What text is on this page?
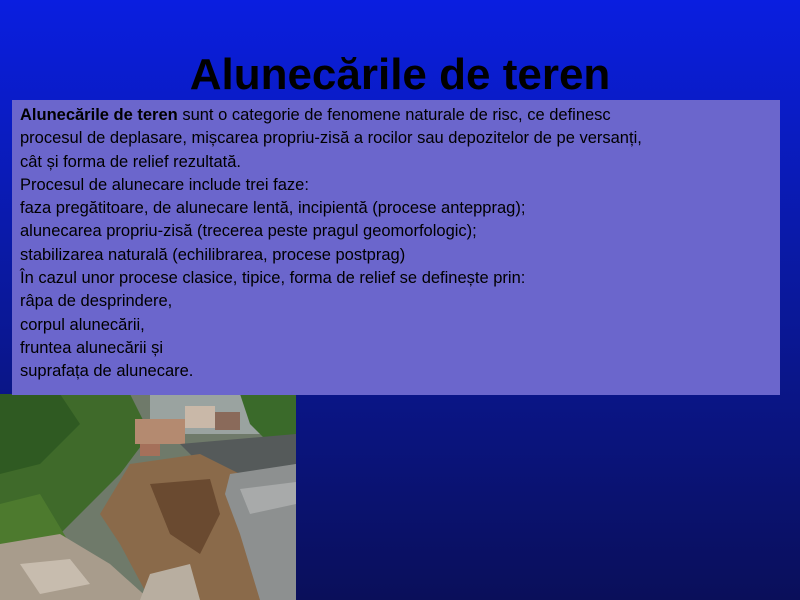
Alunecările de teren

Alunecările de teren sunt o categorie de fenomene naturale de risc, ce definesc

procesul de deplasare, mișcarea propriu-zisă a rocilor sau depozitelor de pe versanți,

cât și forma de relief rezultată.

Procesul de alunecare include trei faze:

faza pregătitoare, de alunecare lentă, incipientă (procese antepprag);

alunecarea propriu-zisă (trecerea peste pragul geomorfologic);

stabilizarea naturală (echilibrarea, procese postprag)

În cazul unor procese clasice, tipice, forma de relief se definește prin:

râpa de desprindere,

corpul alunecării,

fruntea alunecării și

suprafața de alunecare.
